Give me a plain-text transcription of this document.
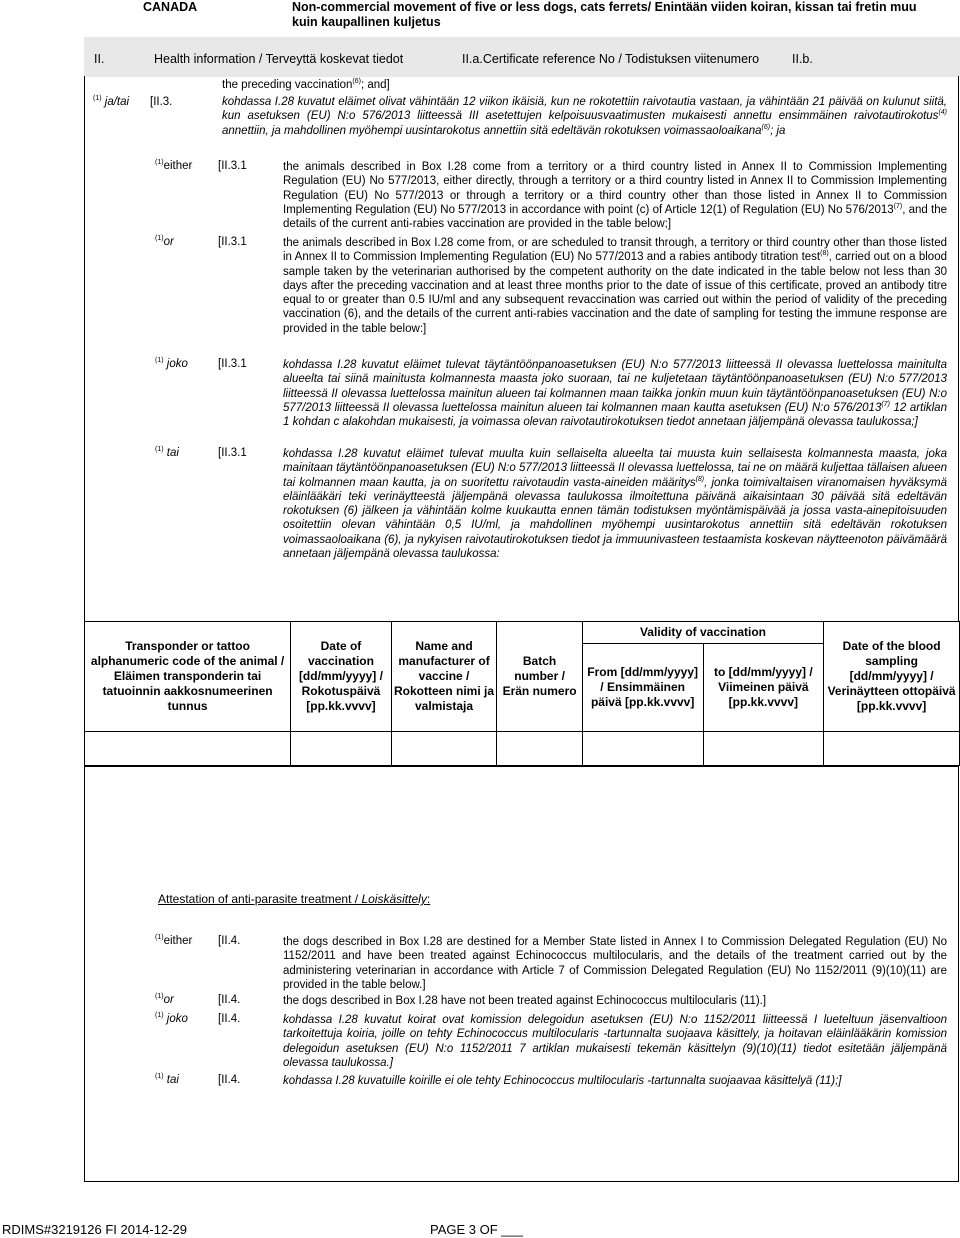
CANADA	Non-commercial movement of five or less dogs, cats ferrets/ Enintään viiden koiran, kissan tai fretin muu kuin kaupallinen kuljetus
II.	Health information / Terveyttä koskevat tiedot	II.a.Certificate reference No / Todistuksen viitenumero	II.b.
$^{(1)}$ ja/tai [II.3.
the preceding vaccination$^{(6)}$; and]
kohdassa I.28 kuvatut eläimet olivat vähintään 12 viikon ikäisiä, kun ne rokotettiin raivotautia vastaan, ja vähintään 21 päivää on kulunut siitä, kun asetuksen (EU) N:o 576/2013 liitteessä III asetettujen kelpoisuusvaatimusten mukaisesti annettu ensimmäinen raivotautirokotus$^{(4)}$ annettiin, ja mahdollinen myöhempi uusintarokotus annettiin sitä edeltävän rokotuksen voimassaoloaikana$^{(6)}$; ja
$^{(1)}$either [II.3.1	the animals described in Box I.28 come from a territory or a third country listed in Annex II to Commission Implementing Regulation (EU) No 577/2013, either directly, through a territory or a third country listed in Annex II to Commission Implementing Regulation (EU) No 577/2013 or through a territory or a third country other than those listed in Annex II to Commission Implementing Regulation (EU) No 577/2013 in accordance with point (c) of Article 12(1) of Regulation (EU) No 576/2013$^{(7)}$, and the details of the current anti-rabies vaccination are provided in the table below;]
$^{(1)}$or	[II.3.1	the animals described in Box I.28 come from, or are scheduled to transit through, a territory or third country other than those listed in Annex II to Commission Implementing Regulation (EU) No 577/2013 and a rabies antibody titration test$^{(8)}$, carried out on a blood sample taken by the veterinarian authorised by the competent authority on the date indicated in the table below not less than 30 days after the preceding vaccination and at least three months prior to the date of issue of this certificate, proved an antibody titre equal to or greater than 0.5 IU/ml and any subsequent revaccination was carried out within the period of validity of the preceding vaccination (6), and the details of the current anti-rabies vaccination and the date of sampling for testing the immune response are provided in the table below:]
$^{(1)}$ joko	[II.3.1	kohdassa I.28 kuvatut eläimet tulevat täytäntöönpanoasetuksen (EU) N:o 577/2013 liitteessä II olevassa luettelossa mainitulta alueelta tai siinä mainitusta kolmannesta maasta joko suoraan, tai ne kuljetetaan täytäntöönpanoasetuksen (EU) N:o 577/2013 liitteessä II olevassa luettelossa mainitun alueen tai kolmannen maan taikka jonkin muun kuin täytäntöönpanoasetuksen (EU) N:o 577/2013 liitteessä II olevassa luettelossa mainitun alueen tai kolmannen maan kautta asetuksen (EU) N:o 576/2013$^{(7)}$ 12 artiklan 1 kohdan c alakohdan mukaisesti, ja voimassa olevan raivotautirokotuksen tiedot annetaan jäljempänä olevassa taulukossa;]
$^{(1)}$ tai	[II.3.1	kohdassa I.28 kuvatut eläimet tulevat muulta kuin sellaiselta alueelta tai muusta kuin sellaisesta kolmannesta maasta, joka mainitaan täytäntöönpanoasetuksen (EU) N:o 577/2013 liitteessä II olevassa luettelossa, tai ne on määrä kuljettaa tällaisen alueen tai kolmannen maan kautta, ja on suoritettu raivotaudin vasta-aineiden määritys$^{(8)}$, jonka toimivaltaisen viranomaisen hyväksymä eläinlääkäri teki verinäytteestä jäljempänä olevassa taulukossa ilmoitettuna päivänä aikaisintaan 30 päivää sitä edeltävän rokotuksen (6) jälkeen ja vähintään kolme kuukautta ennen tämän todistuksen myöntämispäivää ja jossa vasta-ainepitoisuuden osoitettiin olevan vähintään 0,5 IU/ml, ja mahdollinen myöhempi uusintarokotus annettiin sitä edeltävän rokotuksen voimassaoloaikana (6), ja nykyisen raivotautirokotuksen tiedot ja immuunivasteen testaamista koskevan näytteenoton päivämäärä annetaan jäljempänä olevassa taulukossa:
Transponder or tattoo alphanumeric code of the animal / Eläimen transponderin tai tatuoinnin aakkosnumeerinen tunnus	Date of vaccination [dd/mm/yyyy] / Rokotuspäivä [pp.kk.vvvv]	Name and manufacturer of vaccine / Rokotteen nimi ja valmistaja	Batch number / Erän numero	Validity of vaccination		Date of the blood sampling [dd/mm/yyyy] / Verinäytteen ottopäivä [pp.kk.vvvv]
				From [dd/mm/yyyy] / Ensimmäinen päivä [pp.kk.vvvv]	to [dd/mm/yyyy] / Viimeinen päivä [pp.kk.vvvv]	

Attestation of anti-parasite treatment / Loiskäsittely:
$^{(1)}$either [II.4.	the dogs described in Box I.28 are destined for a Member State listed in Annex I to Commission Delegated Regulation (EU) No 1152/2011 and have been treated against Echinococcus multilocularis, and the details of the treatment carried out by the administering veterinarian in accordance with Article 7 of Commission Delegated Regulation (EU) No 1152/2011 (9)(10)(11) are provided in the table below.]
$^{(1)}$or	[II.4.	the dogs described in Box I.28 have not been treated against Echinococcus multilocularis (11).]
$^{(1)}$ joko	[II.4.	kohdassa I.28 kuvatut koirat ovat komission delegoidun asetuksen (EU) N:o 1152/2011 liitteessä I lueteltuun jäsenvaltioon tarkoitettuja koiria, joille on tehty Echinococcus multilocularis -tartunnalta suojaava käsittely, ja hoitavan eläinlääkärin komission delegoidun asetuksen (EU) N:o 1152/2011 7 artiklan mukaisesti tekemän käsittelyn (9)(10)(11) tiedot esitetään jäljempänä olevassa taulukossa.]
$^{(1)}$ tai	[II.4.	kohdassa I.28 kuvatuille koirille ei ole tehty Echinococcus multilocularis -tartunnalta suojaavaa käsittelyä (11);]
RDIMS#3219126 FI 2014-12-29	PAGE 3 OF ___
